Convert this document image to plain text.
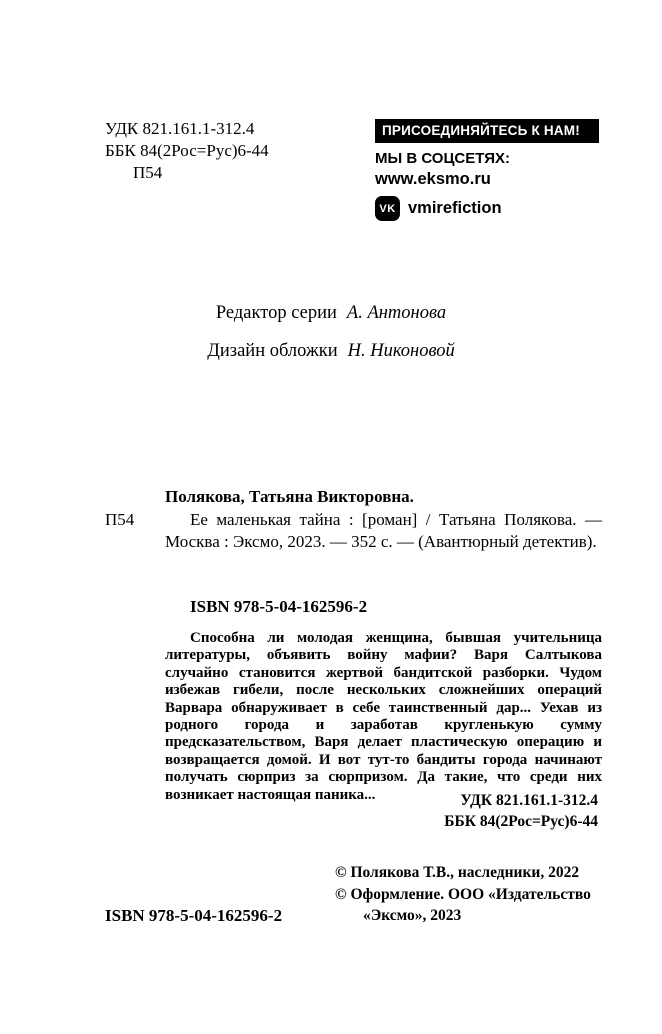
УДК 821.161.1-312.4
ББК 84(2Рос=Рус)6-44
П54
ПРИСОЕДИНЯЙТЕСЬ К НАМ!
МЫ В СОЦСЕТЯХ:
www.eksmo.ru
VK vmirefiction
Редактор серии А. Антонова
Дизайн обложки Н. Никоновой
Полякова, Татьяна Викторовна.
П54	Ее маленькая тайна : [роман] / Татьяна Полякова. — Москва : Эксмо, 2023. — 352 с. — (Авантюрный детектив).
ISBN 978-5-04-162596-2
Способна ли молодая женщина, бывшая учительница литературы, объявить войну мафии? Варя Салтыкова случайно становится жертвой бандитской разборки. Чудом избежав гибели, после нескольких сложнейших операций Варвара обнаруживает в себе таинственный дар... Уехав из родного города и заработав кругленькую сумму предсказательством, Варя делает пластическую операцию и возвращается домой. И вот тут-то бандиты города начинают получать сюрприз за сюрпризом. Да такие, что среди них возникает настоящая паника...	УДК 821.161.1-312.4
ББК 84(2Рос=Рус)6-44
ISBN 978-5-04-162596-2
© Полякова Т.В., наследники, 2022
© Оформление. ООО «Издательство «Эксмо», 2023
